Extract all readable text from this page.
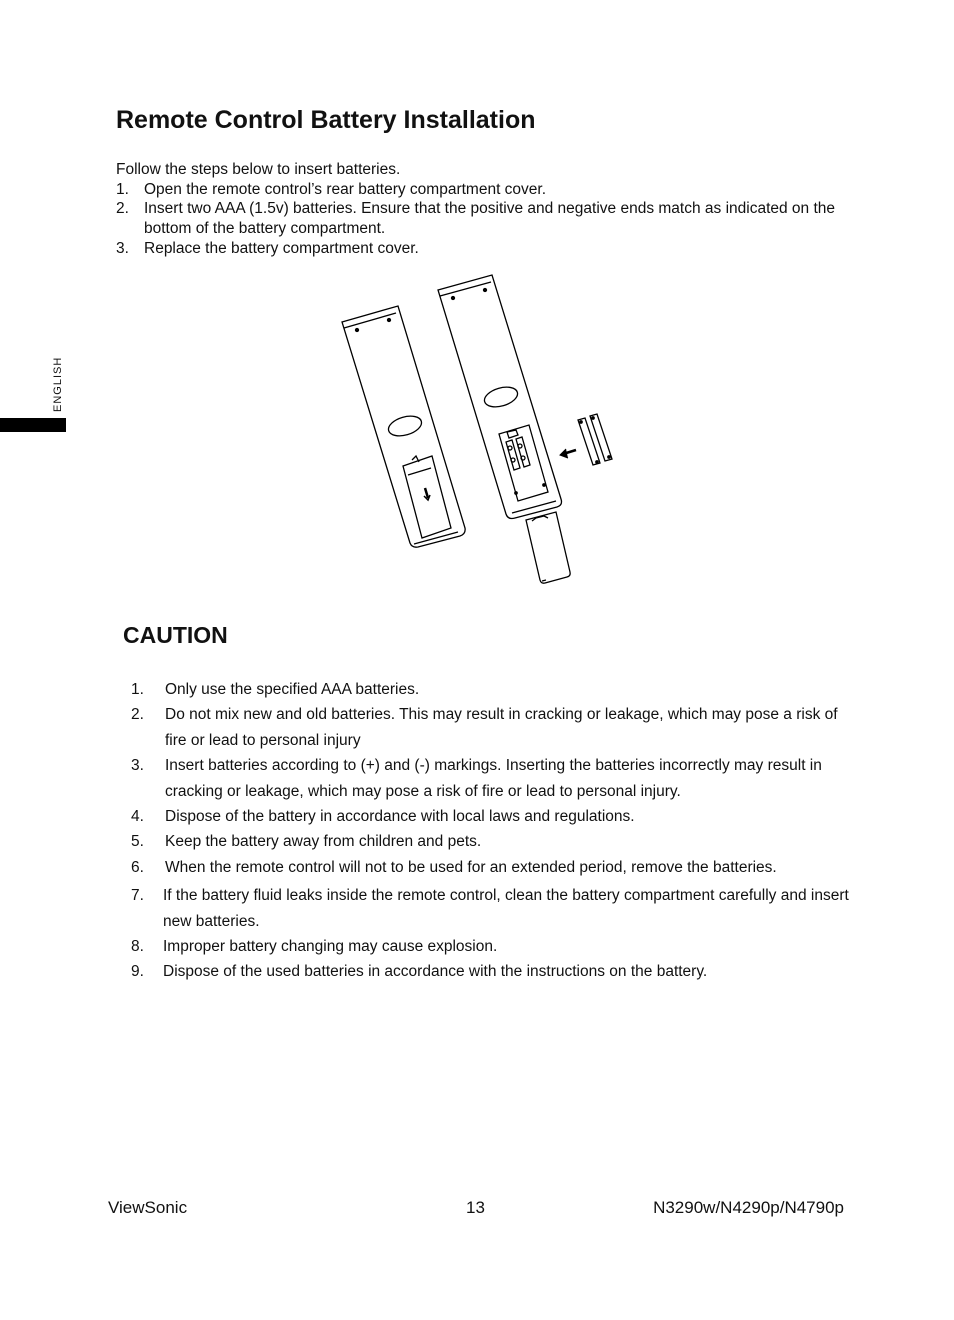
ENGLISH
Remote Control Battery Installation
Follow the steps below to insert batteries.
1. Open the remote control’s rear battery compartment cover.
2. Insert two AAA (1.5v) batteries. Ensure that the positive and negative ends match as indicated on the bottom of the battery compartment.
3. Replace the battery compartment cover.
CAUTION
1. Only use the specified AAA batteries.
2. Do not mix new and old batteries. This may result in cracking or leakage, which may pose a risk of fire or lead to personal injury
3. Insert batteries according to (+) and (-) markings. Inserting the batteries incorrectly may result in cracking or leakage, which may pose a risk of fire or lead to personal injury.
4. Dispose of the battery in accordance with local laws and regulations.
5. Keep the battery away from children and pets.
6. When the remote control will not to be used for an extended period, remove the batteries.
7. If the battery fluid leaks inside the remote control, clean the battery compartment carefully and insert new batteries.
8. Improper battery changing may cause explosion.
9. Dispose of the used batteries in accordance with the instructions on the battery.
ViewSonic	13	N3290w/N4290p/N4790p
